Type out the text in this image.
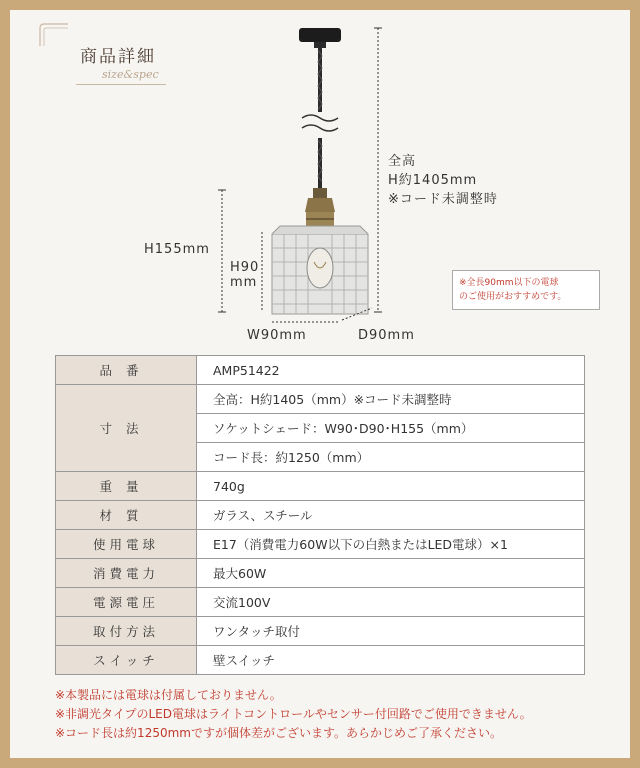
商品詳細
size&spec
全高
H約1405mm
※コード未調整時
H155mm
H90
mm
W90mm	D90mm
※全長90mm以下の電球
のご使用がおすすめです。
品番	AMP51422
寸法	全高：H約1405（mm）※コード未調整時
	ソケットシェード：W90･D90･H155（mm）
	コード長：約1250（mm）
重量	740g
材質	ガラス、スチール
使用電球	E17（消費電力60W以下の白熱またはLED電球）×1
消費電力	最大60W
電源電圧	交流100V
取付方法	ワンタッチ取付
スイッチ	壁スイッチ
※本製品には電球は付属しておりません。
※非調光タイプのLED電球はライトコントロールやセンサー付回路でご使用できません。
※コード長は約1250mmですが個体差がございます。あらかじめご了承ください。
